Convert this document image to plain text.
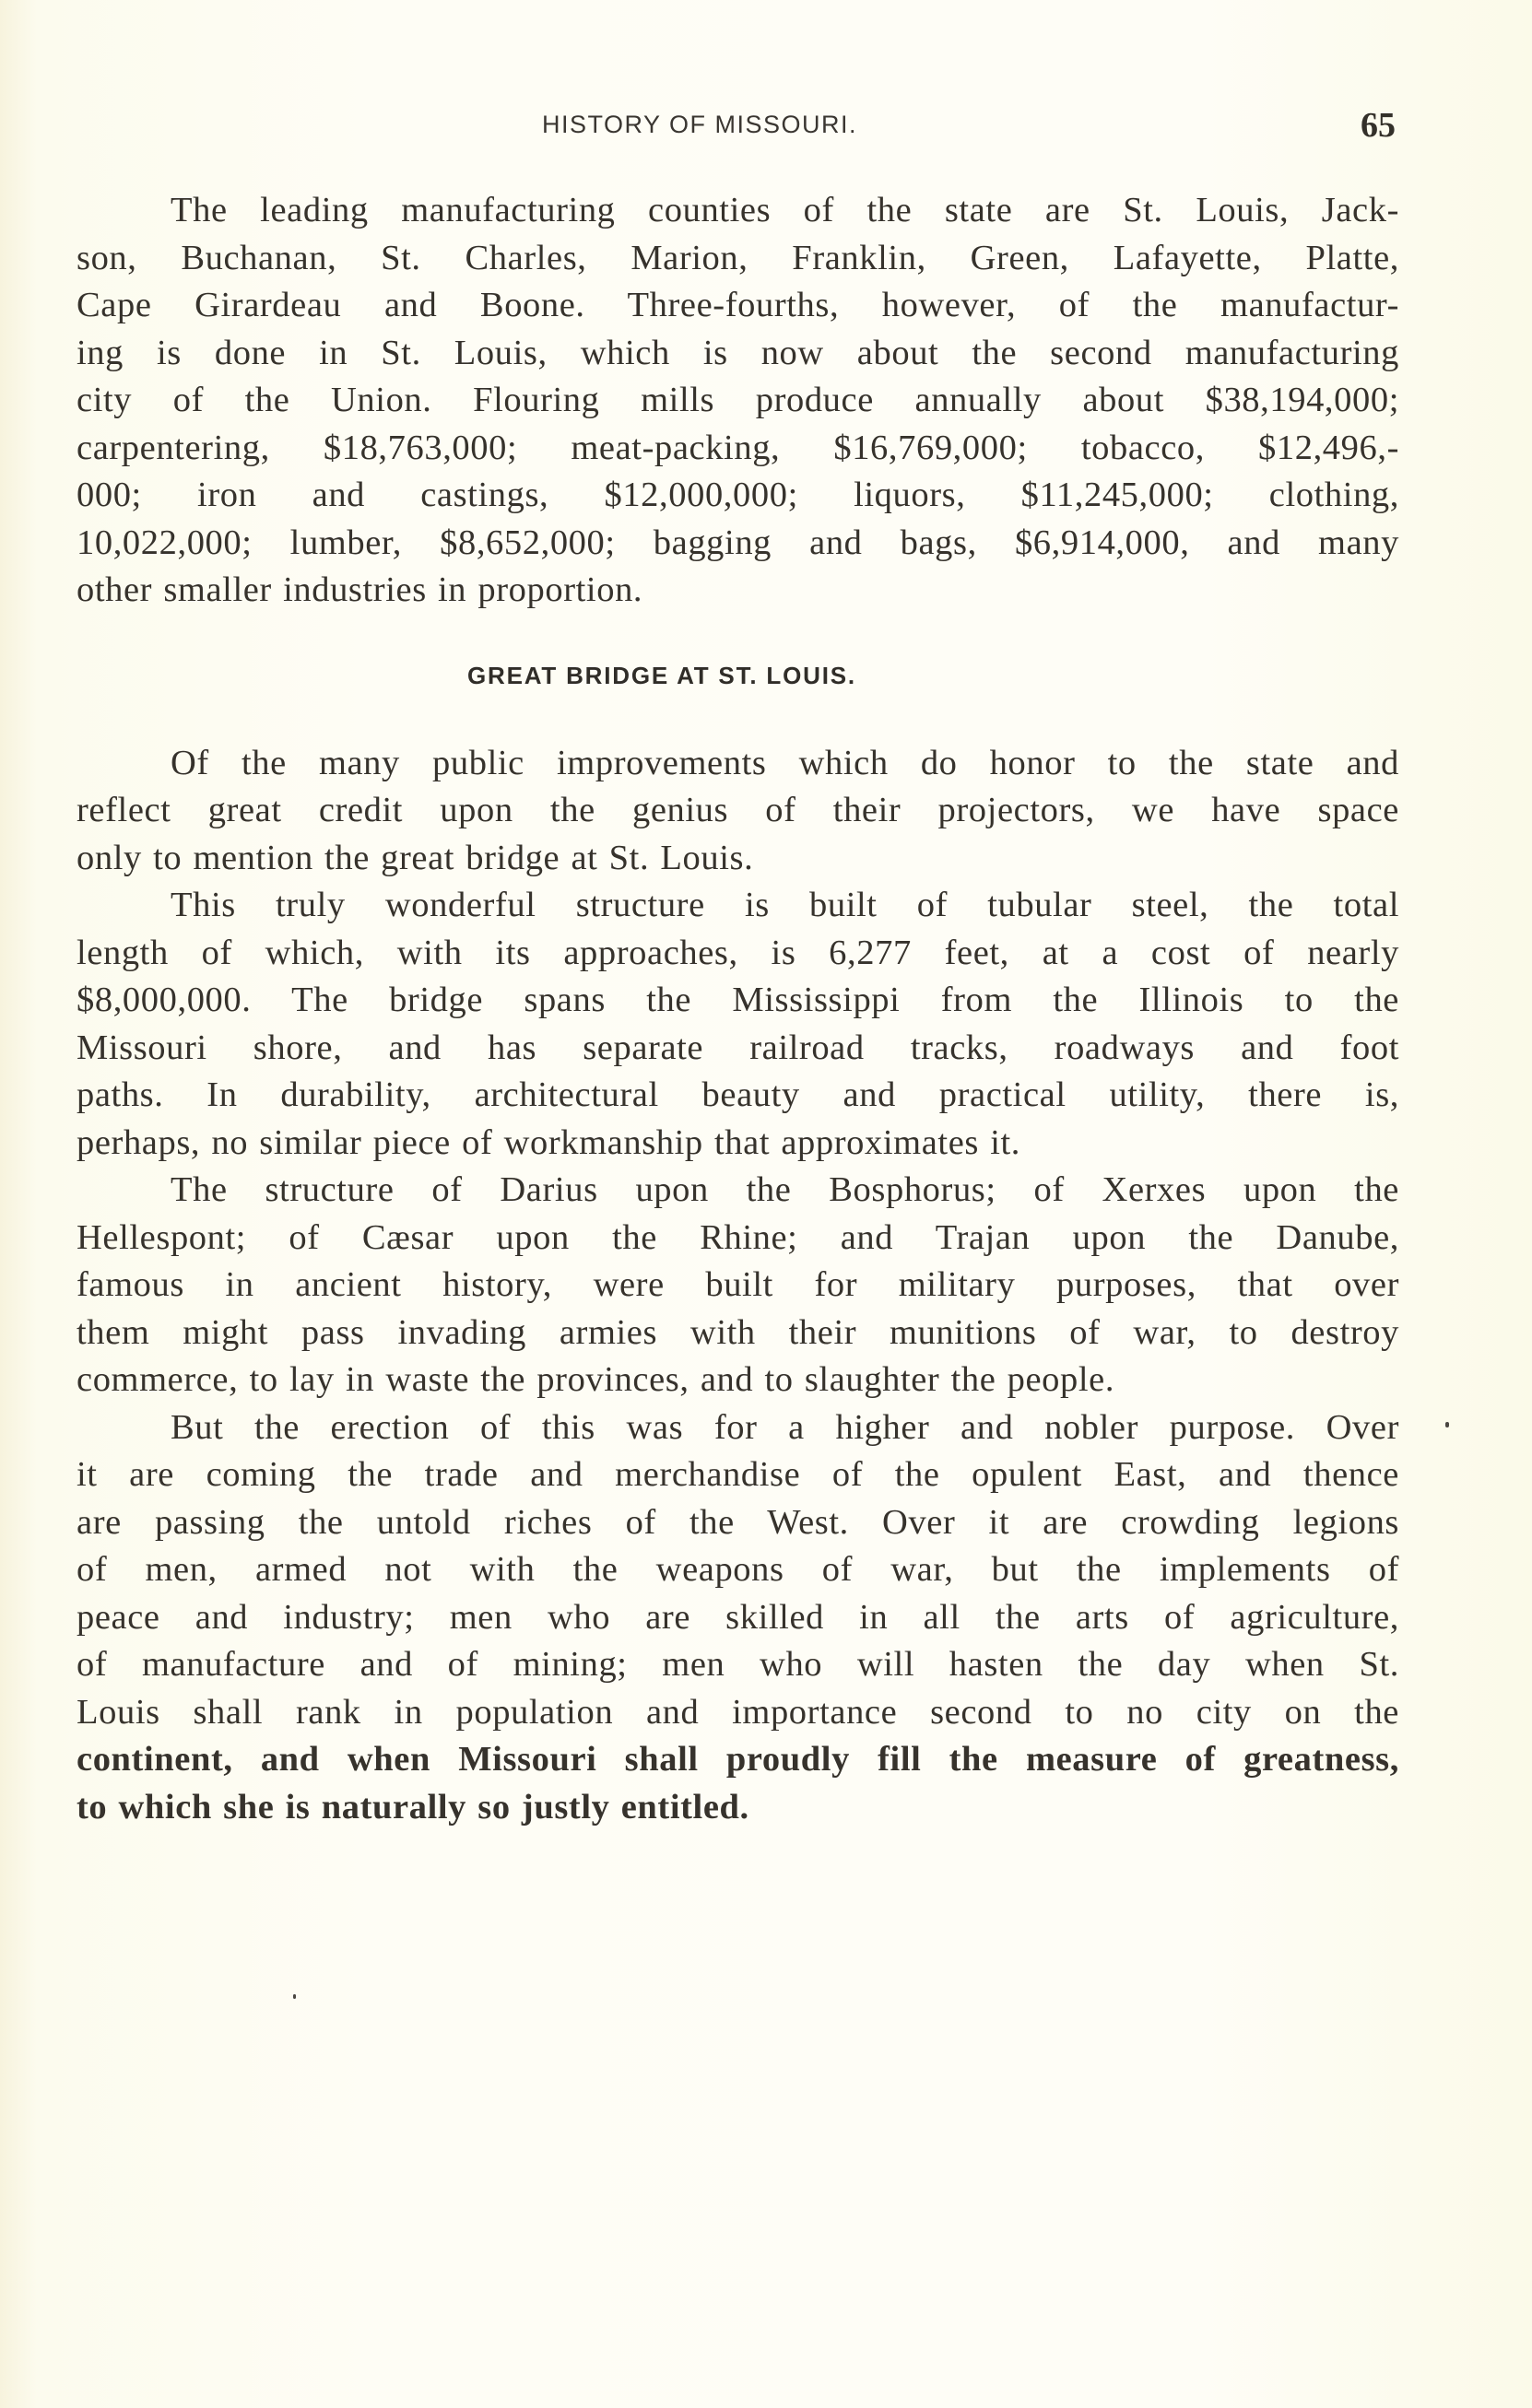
HISTORY OF MISSOURI.	65
The leading manufacturing counties of the state are St. Louis, Jack-
son, Buchanan, St. Charles, Marion, Franklin, Green, Lafayette, Platte,
Cape Girardeau and Boone. Three-fourths, however, of the manufactur-
ing is done in St. Louis, which is now about the second manufacturing
city of the Union. Flouring mills produce annually about $38,194,000;
carpentering, $18,763,000; meat-packing, $16,769,000; tobacco, $12,496,-
000; iron and castings, $12,000,000; liquors, $11,245,000; clothing,
10,022,000; lumber, $8,652,000; bagging and bags, $6,914,000, and many
other smaller industries in proportion.
GREAT BRIDGE AT ST. LOUIS.
Of the many public improvements which do honor to the state and
reflect great credit upon the genius of their projectors, we have space
only to mention the great bridge at St. Louis.
This truly wonderful structure is built of tubular steel, the total
length of which, with its approaches, is 6,277 feet, at a cost of nearly
$8,000,000. The bridge spans the Mississippi from the Illinois to the
Missouri shore, and has separate railroad tracks, roadways and foot
paths. In durability, architectural beauty and practical utility, there is,
perhaps, no similar piece of workmanship that approximates it.
The structure of Darius upon the Bosphorus; of Xerxes upon the
Hellespont; of Cæsar upon the Rhine; and Trajan upon the Danube,
famous in ancient history, were built for military purposes, that over
them might pass invading armies with their munitions of war, to destroy
commerce, to lay in waste the provinces, and to slaughter the people.
But the erection of this was for a higher and nobler purpose. Over
it are coming the trade and merchandise of the opulent East, and thence
are passing the untold riches of the West. Over it are crowding legions
of men, armed not with the weapons of war, but the implements of
peace and industry; men who are skilled in all the arts of agriculture,
of manufacture and of mining; men who will hasten the day when St.
Louis shall rank in population and importance second to no city on the
continent, and when Missouri shall proudly fill the measure of greatness,
to which she is naturally so justly entitled.
